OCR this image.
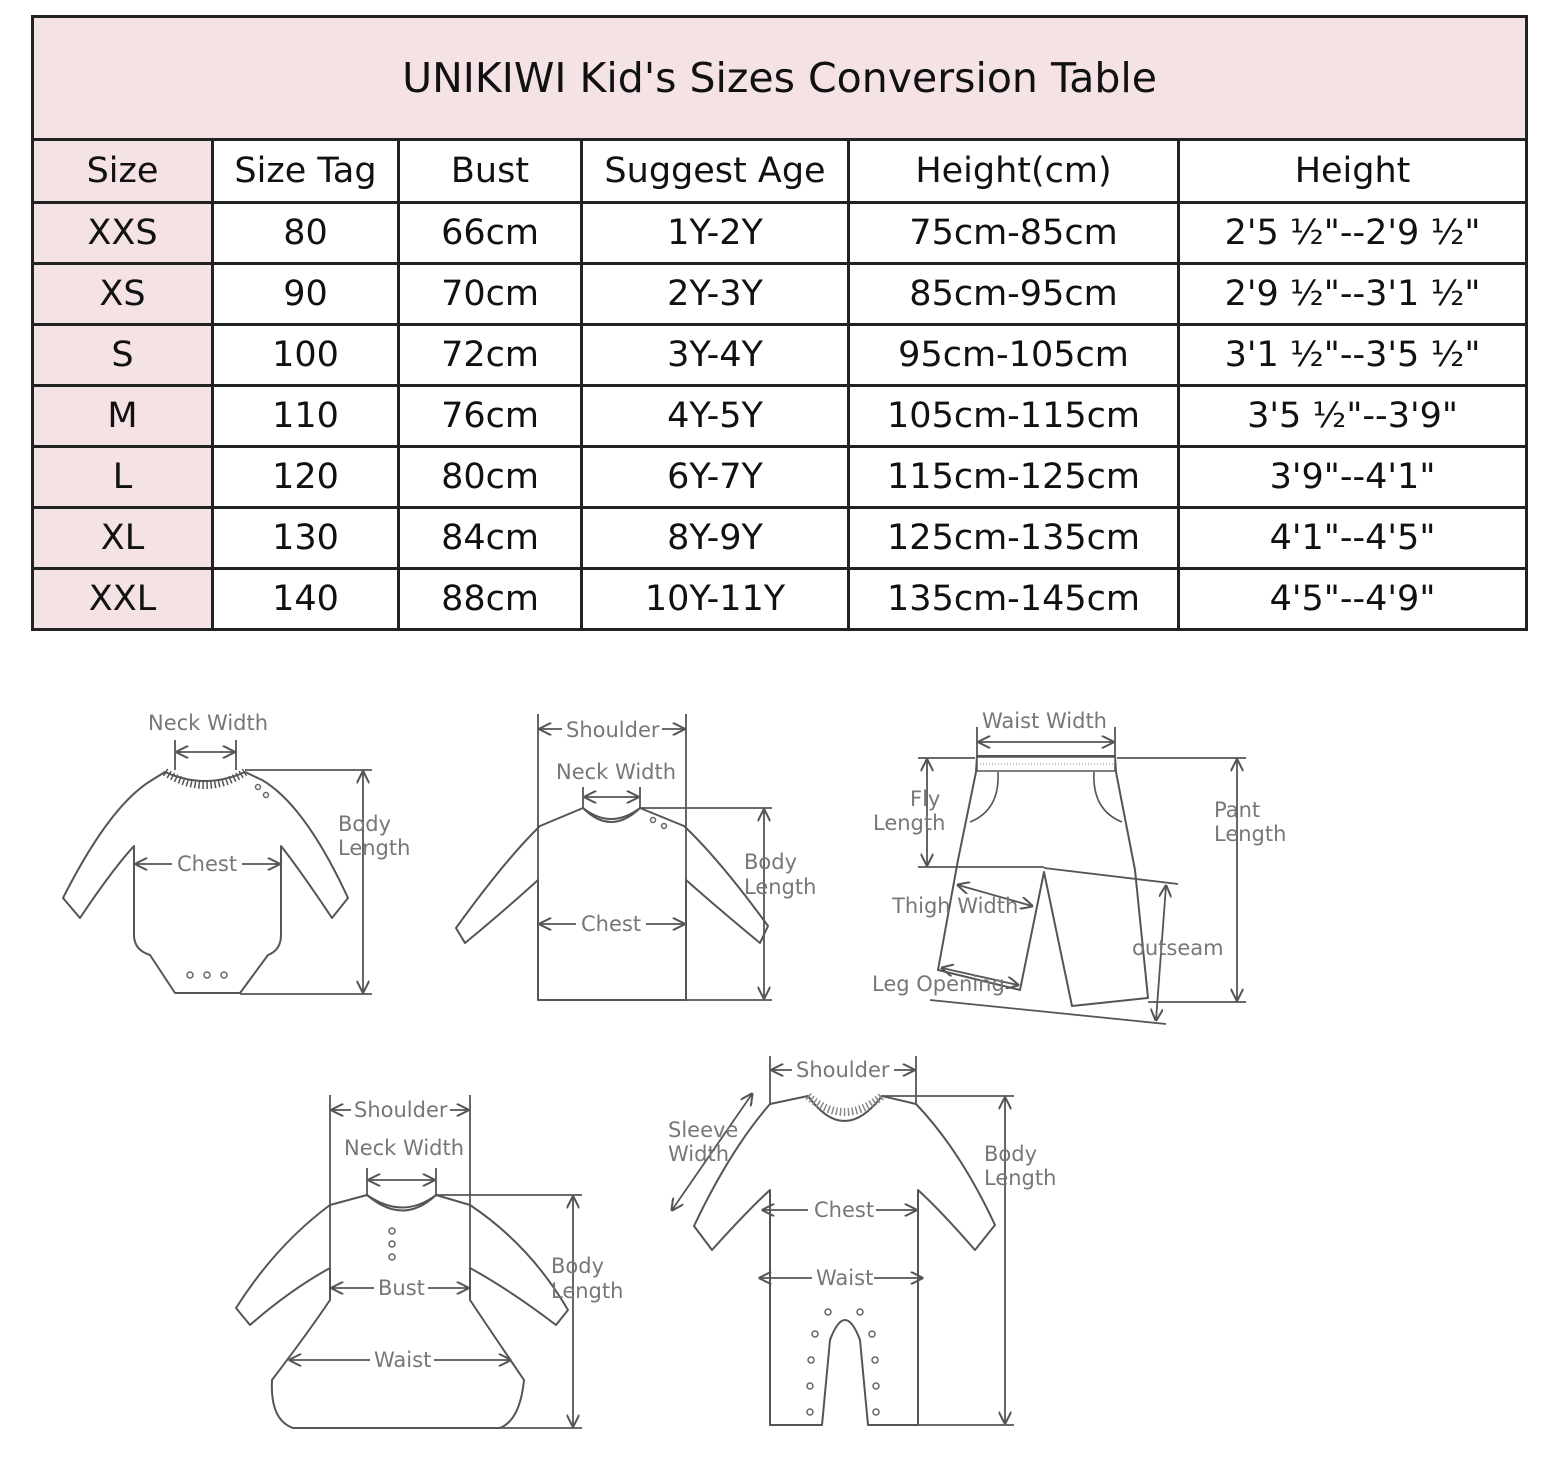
UNIKIWI Kid's Sizes Conversion Table					
Size	Size Tag	Bust	Suggest Age	Height(cm)	Height
XXS	80	66cm	1Y-2Y	75cm-85cm	2'5 ½"--2'9 ½"
XS	90	70cm	2Y-3Y	85cm-95cm	2'9 ½"--3'1 ½"
S	100	72cm	3Y-4Y	95cm-105cm	3'1 ½"--3'5 ½"
M	110	76cm	4Y-5Y	105cm-115cm	3'5 ½"--3'9"
L	120	80cm	6Y-7Y	115cm-125cm	3'9"--4'1"
XL	130	84cm	8Y-9Y	125cm-135cm	4'1"--4'5"
XXL	140	88cm	10Y-11Y	135cm-145cm	4'5"--4'9"
Neck Width
Chest
Body
Length
Shoulder
Neck Width
Chest
Body
Length
Waist Width
Fly
Length
Pant
Length
Thigh Width
outseam
Leg Opening
Shoulder
Neck Width
Bust
Waist
Body
Length
Shoulder
Sleeve
Width
Chest
Waist
Body
Length
